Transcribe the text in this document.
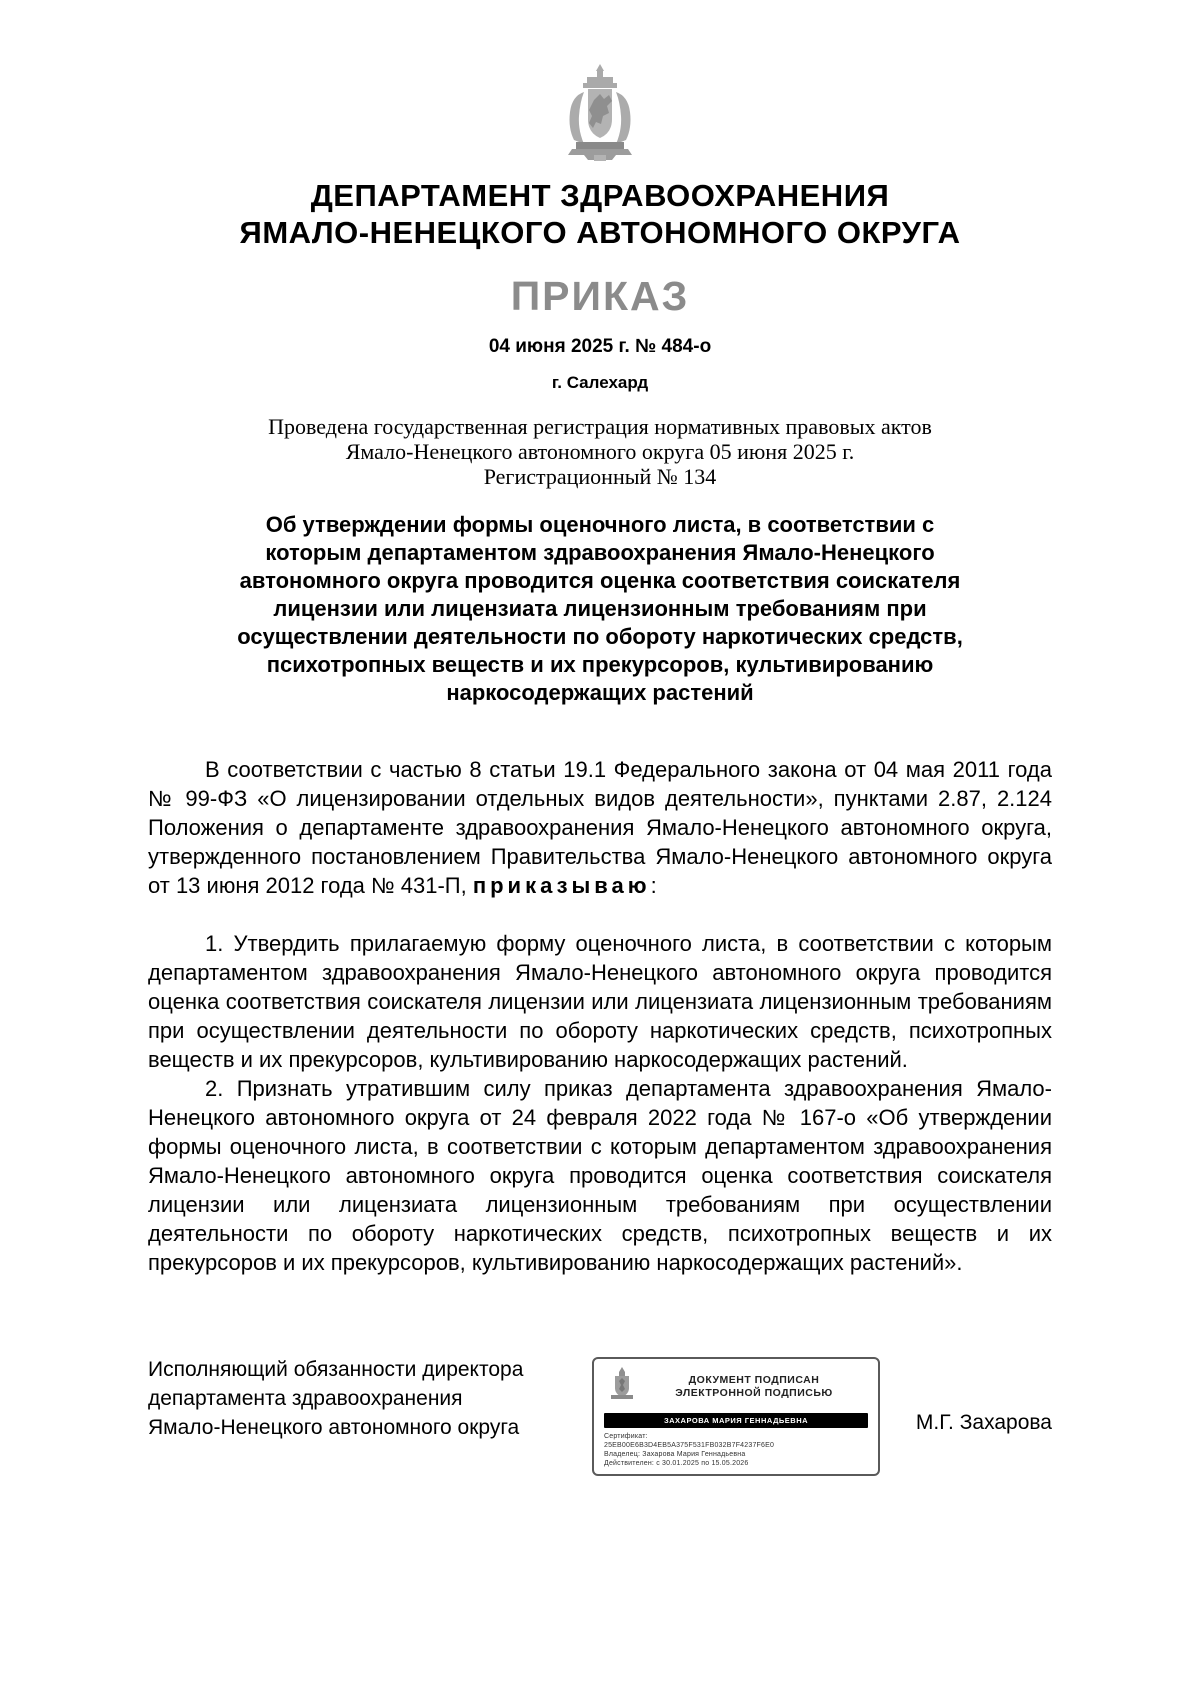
ДЕПАРТАМЕНТ ЗДРАВООХРАНЕНИЯ
ЯМАЛО-НЕНЕЦКОГО АВТОНОМНОГО ОКРУГА
ПРИКАЗ
04 июня 2025 г. № 484-о
г. Салехард
Проведена государственная регистрация нормативных правовых актов
Ямало-Ненецкого автономного округа 05 июня 2025 г.
Регистрационный № 134
Об утверждении формы оценочного листа, в соответствии с
которым департаментом здравоохранения Ямало-Ненецкого
автономного округа проводится оценка соответствия соискателя
лицензии или лицензиата лицензионным требованиям при
осуществлении деятельности по обороту наркотических средств,
психотропных веществ и их прекурсоров, культивированию
наркосодержащих растений

В соответствии с частью 8 статьи 19.1 Федерального закона от 04 мая 2011 года № 99-ФЗ «О лицензировании отдельных видов деятельности», пунктами 2.87, 2.124 Положения о департаменте здравоохранения Ямало-Ненецкого автономного округа, утвержденного постановлением Правительства Ямало-Ненецкого автономного округа от 13 июня 2012 года № 431-П, приказываю:

1. Утвердить прилагаемую форму оценочного листа, в соответствии с которым департаментом здравоохранения Ямало-Ненецкого автономного округа проводится оценка соответствия соискателя лицензии или лицензиата лицензионным требованиям при осуществлении деятельности по обороту наркотических средств, психотропных веществ и их прекурсоров, культивированию наркосодержащих растений.

2. Признать утратившим силу приказ департамента здравоохранения Ямало-Ненецкого автономного округа от 24 февраля 2022 года № 167-о «Об утверждении формы оценочного листа, в соответствии с которым департаментом здравоохранения Ямало-Ненецкого автономного округа проводится оценка соответствия соискателя лицензии или лицензиата лицензионным требованиям при осуществлении деятельности по обороту наркотических средств, психотропных веществ и их прекурсоров и их прекурсоров, культивированию наркосодержащих растений».

Исполняющий обязанности директора
департамента здравоохранения
Ямало-Ненецкого автономного округа
ДОКУМЕНТ ПОДПИСАН
ЭЛЕКТРОННОЙ ПОДПИСЬЮ
ЗАХАРОВА МАРИЯ ГЕННАДЬЕВНА
Сертификат:
25EB00E6B3D4EB5A375F531FB032B7F4237F6E0
Владелец: Захарова Мария Геннадьевна
Действителен: с 30.01.2025 по 15.05.2026
М.Г. Захарова
